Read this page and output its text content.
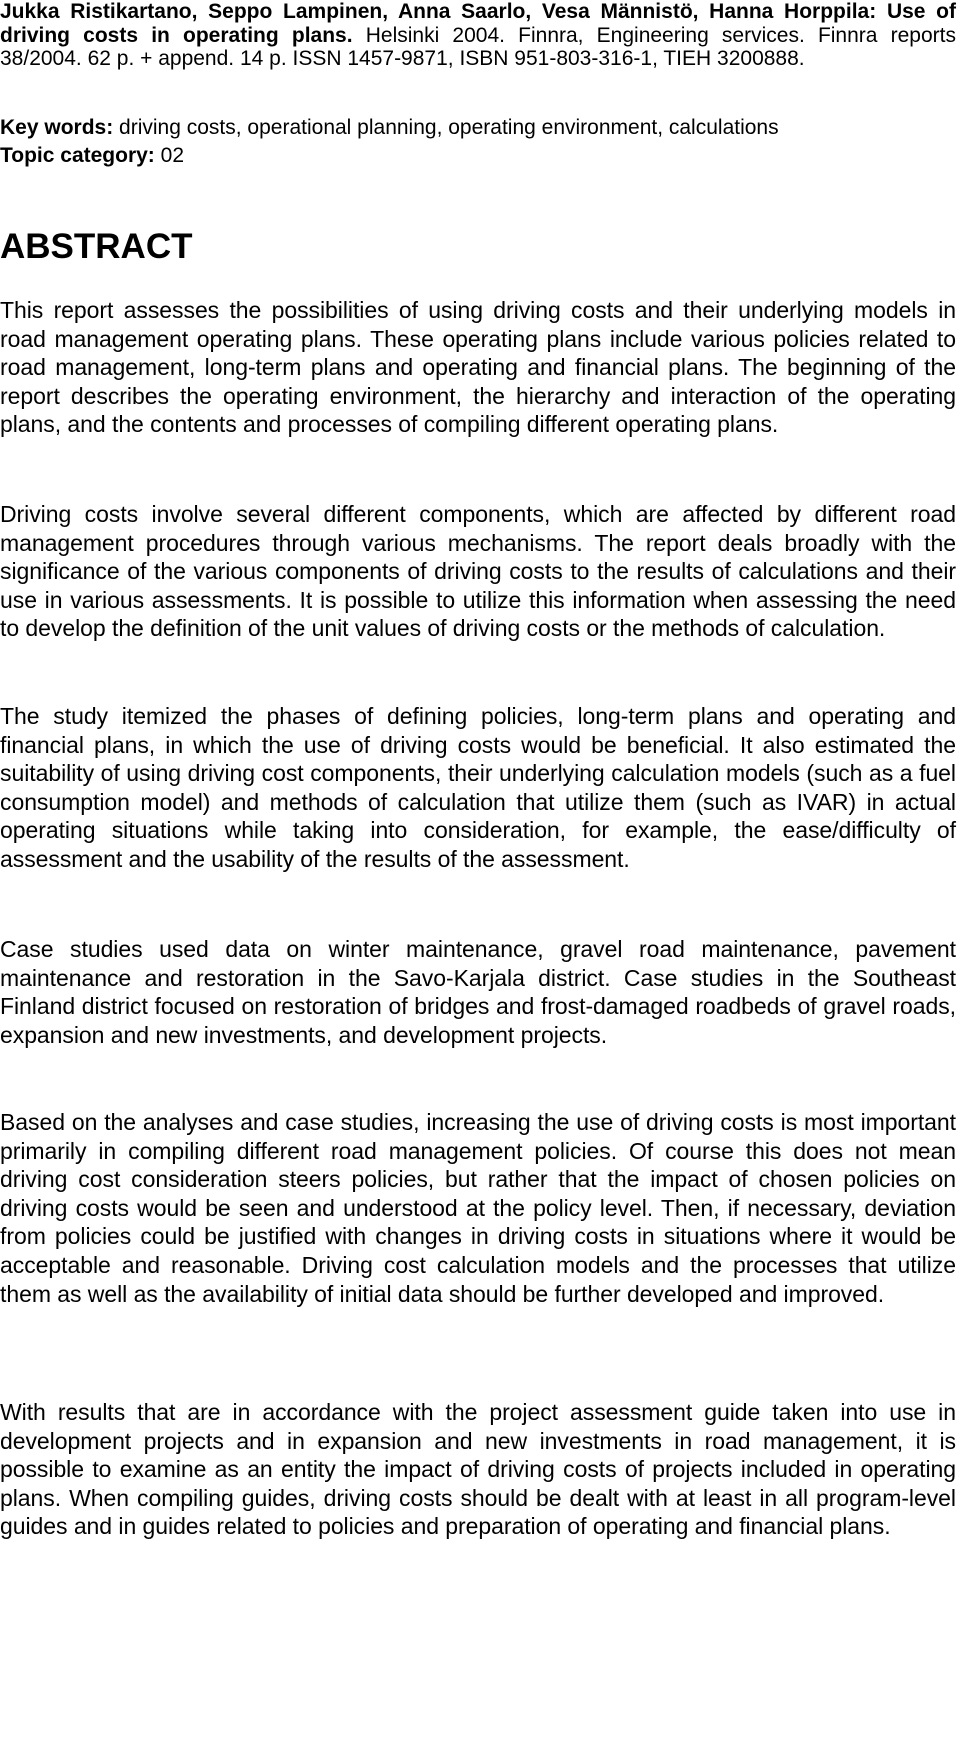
Jukka Ristikartano, Seppo Lampinen, Anna Saarlo, Vesa Männistö, Hanna Horppila: Use of driving costs in operating plans. Helsinki 2004. Finnra, Engineering services. Finnra reports 38/2004. 62 p. + append. 14 p. ISSN 1457-9871, ISBN 951-803-316-1, TIEH 3200888.
Key words: driving costs, operational planning, operating environment, calculations
Topic category: 02
ABSTRACT

This report assesses the possibilities of using driving costs and their underlying models in road management operating plans. These operating plans include various policies related to road management, long-term plans and operating and financial plans. The beginning of the report describes the operating environment, the hierarchy and interaction of the operating plans, and the contents and processes of compiling different operating plans.

Driving costs involve several different components, which are affected by different road management procedures through various mechanisms. The report deals broadly with the significance of the various components of driving costs to the results of calculations and their use in various assessments. It is possible to utilize this information when assessing the need to develop the definition of the unit values of driving costs or the methods of calculation.

The study itemized the phases of defining policies, long-term plans and operating and financial plans, in which the use of driving costs would be beneficial. It also estimated the suitability of using driving cost components, their underlying calculation models (such as a fuel consumption model) and methods of calculation that utilize them (such as IVAR) in actual operating situations while taking into consideration, for example, the ease/difficulty of assessment and the usability of the results of the assessment.

Case studies used data on winter maintenance, gravel road maintenance, pavement maintenance and restoration in the Savo-Karjala district. Case studies in the Southeast Finland district focused on restoration of bridges and frost-damaged roadbeds of gravel roads, expansion and new investments, and development projects.

Based on the analyses and case studies, increasing the use of driving costs is most important primarily in compiling different road management policies. Of course this does not mean driving cost consideration steers policies, but rather that the impact of chosen policies on driving costs would be seen and understood at the policy level. Then, if necessary, deviation from policies could be justified with changes in driving costs in situations where it would be acceptable and reasonable. Driving cost calculation models and the processes that utilize them as well as the availability of initial data should be further developed and improved.

With results that are in accordance with the project assessment guide taken into use in development projects and in expansion and new investments in road management, it is possible to examine as an entity the impact of driving costs of projects included in operating plans. When compiling guides, driving costs should be dealt with at least in all program-level guides and in guides related to policies and preparation of operating and financial plans.
